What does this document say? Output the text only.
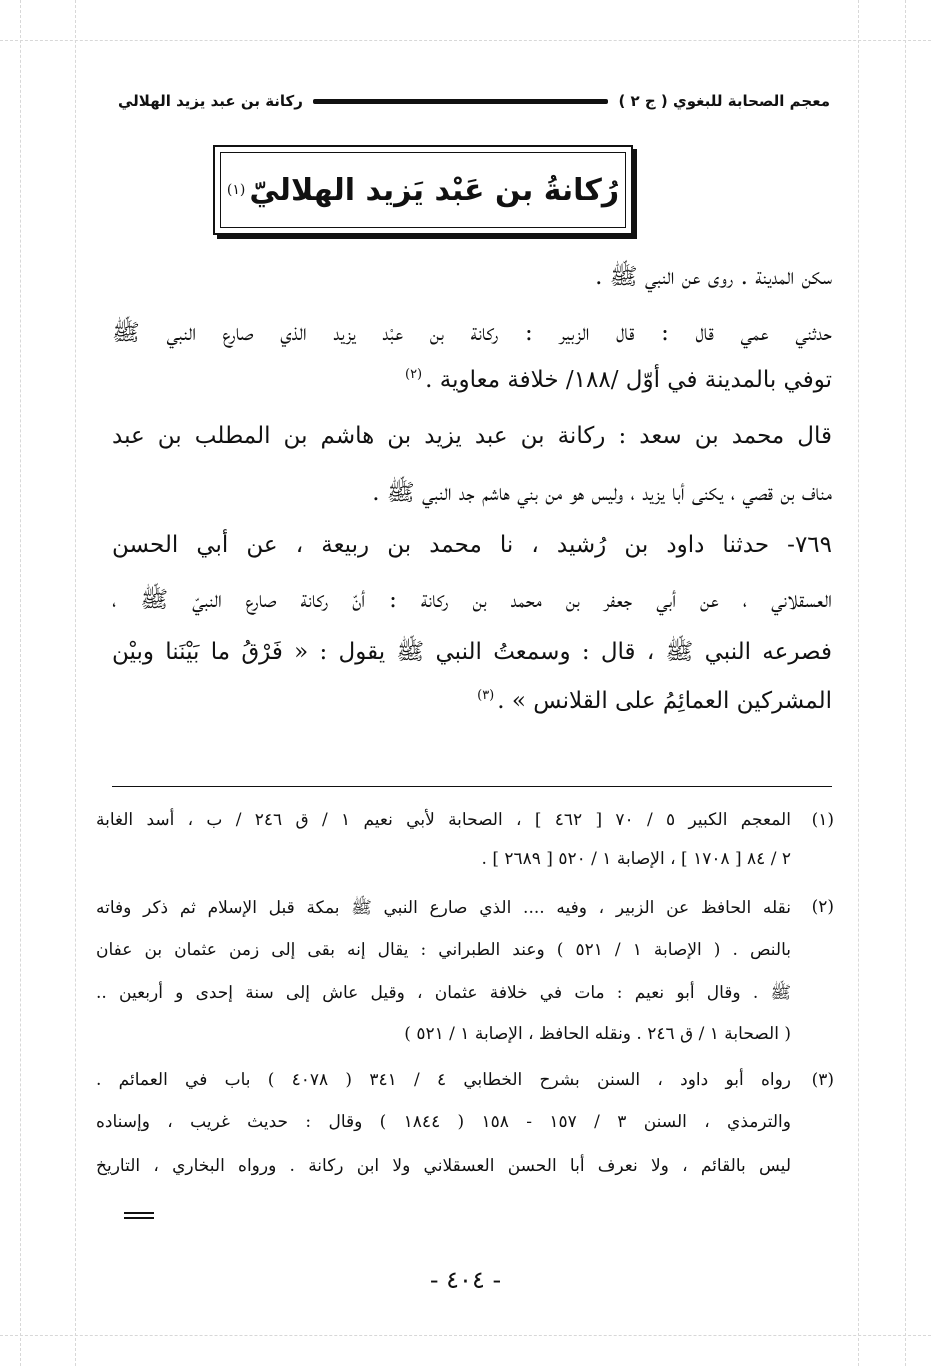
معجم الصحابة للبغوي ( ج ٢ )
ركانة بن عبد يزيد الهلالي
رُكانةُ بن عَبْد يَزيد الهلاليّ
(١)
سكن المدينة . روى عن النبي ﷺ .
حدثني عمي قال : قال الزبير : ركانة بن عبْد يزيد الذي صارع النبي ﷺ
توفي بالمدينة في أوّل /١٨٨/ خلافة معاوية .$^{(٢)}$
قال محمد بن سعد : ركانة بن عبد يزيد بن هاشم بن المطلب بن عبد
مناف بن قصي ، يكنى أبا يزيد ، وليس هو من بني هاشم جد النبي ﷺ .
٧٦٩- حدثنا داود بن رُشيد ، نا محمد بن ربيعة ، عن أبي الحسن
العسقلاني ، عن أبي جعفر بن محمد بن ركانة : أنّ ركانة صارع النبيّ ﷺ ،
فصرعه النبي ﷺ ، قال : وسمعتُ النبي ﷺ يقول : « فَرْقُ ما بَيْنَنا وبيْن
المشركين العمائِمُ على القلانس » .$^{(٣)}$
(١)
المعجم الكبير ٥ / ٧٠ [ ٤٦٢ ] ، الصحابة لأبي نعيم ١ / ق ٢٤٦ / ب ، أسد الغابة
٢ / ٨٤ [ ١٧٠٨ ] ، الإصابة ١ / ٥٢٠ [ ٢٦٨٩ ] .
(٢)
نقله الحافظ عن الزبير ، وفيه .... الذي صارع النبي ﷺ بمكة قبل الإسلام ثم ذكر وفاته
بالنص . ( الإصابة ١ / ٥٢١ ) وعند الطبراني : يقال إنه بقى إلى زمن عثمان بن عفان
ﷺ . وقال أبو نعيم : مات في خلافة عثمان ، وقيل عاش إلى سنة إحدى و أربعين ..
( الصحابة ١ / ق ٢٤٦ . ونقله الحافظ ، الإصابة ١ / ٥٢١ )
(٣)
رواه أبو داود ، السنن بشرح الخطابي ٤ / ٣٤١ ( ٤٠٧٨ ) باب في العمائم .
والترمذي ، السنن ٣ / ١٥٧ - ١٥٨ ( ١٨٤٤ ) وقال : حديث غريب ، وإسناده
ليس بالقائم ، ولا نعرف أبا الحسن العسقلاني ولا ابن ركانة . ورواه البخاري ، التاريخ
- ٤٠٤ -
